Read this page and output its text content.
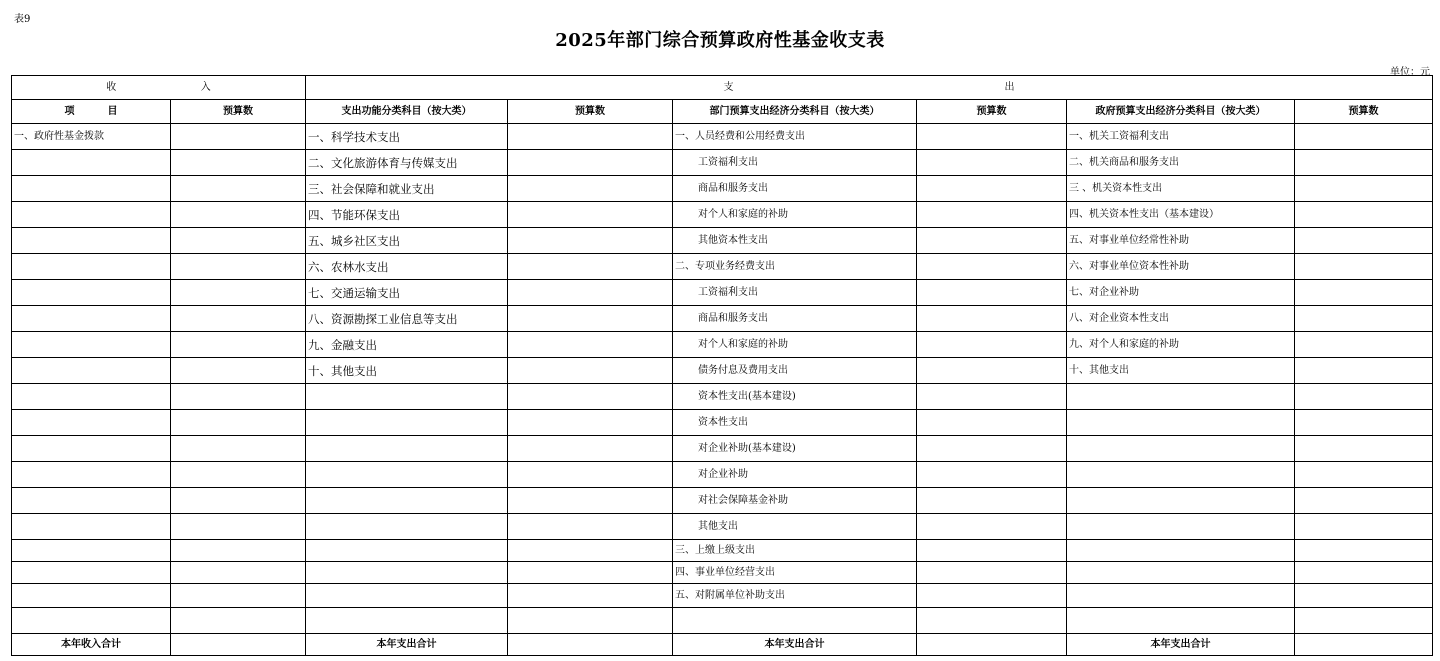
表9
2025年部门综合预算政府性基金收支表
单位：元
收 入		支 出					

项 目	预算数	支出功能分类科目（按大类）	预算数	部门预算支出经济分类科目（按大类）	预算数	政府预算支出经济分类科目（按大类）	预算数
一、政府性基金拨款		一、科学技术支出		一、人员经费和公用经费支出		一、机关工资福利支出	
		二、文化旅游体育与传媒支出		工资福利支出		二、机关商品和服务支出	
		三、社会保障和就业支出		商品和服务支出		三 、机关资本性支出	
		四、节能环保支出		对个人和家庭的补助		四、机关资本性支出（基本建设）	
		五、城乡社区支出		其他资本性支出		五、对事业单位经常性补助	
		六、农林水支出		二、专项业务经费支出		六、对事业单位资本性补助	
		七、交通运输支出		工资福利支出		七、对企业补助	
		八、资源勘探工业信息等支出		商品和服务支出		八、对企业资本性支出	
		九、金融支出		对个人和家庭的补助		九、对个人和家庭的补助	
		十、其他支出		债务付息及费用支出		十、其他支出	
				资本性支出(基本建设)			
				资本性支出			
				对企业补助(基本建设)			
				对企业补助			
				对社会保障基金补助			
				其他支出			
				三、上缴上级支出			
				四、事业单位经营支出			
				五、对附属单位补助支出			

本年收入合计		本年支出合计		本年支出合计		本年支出合计	
